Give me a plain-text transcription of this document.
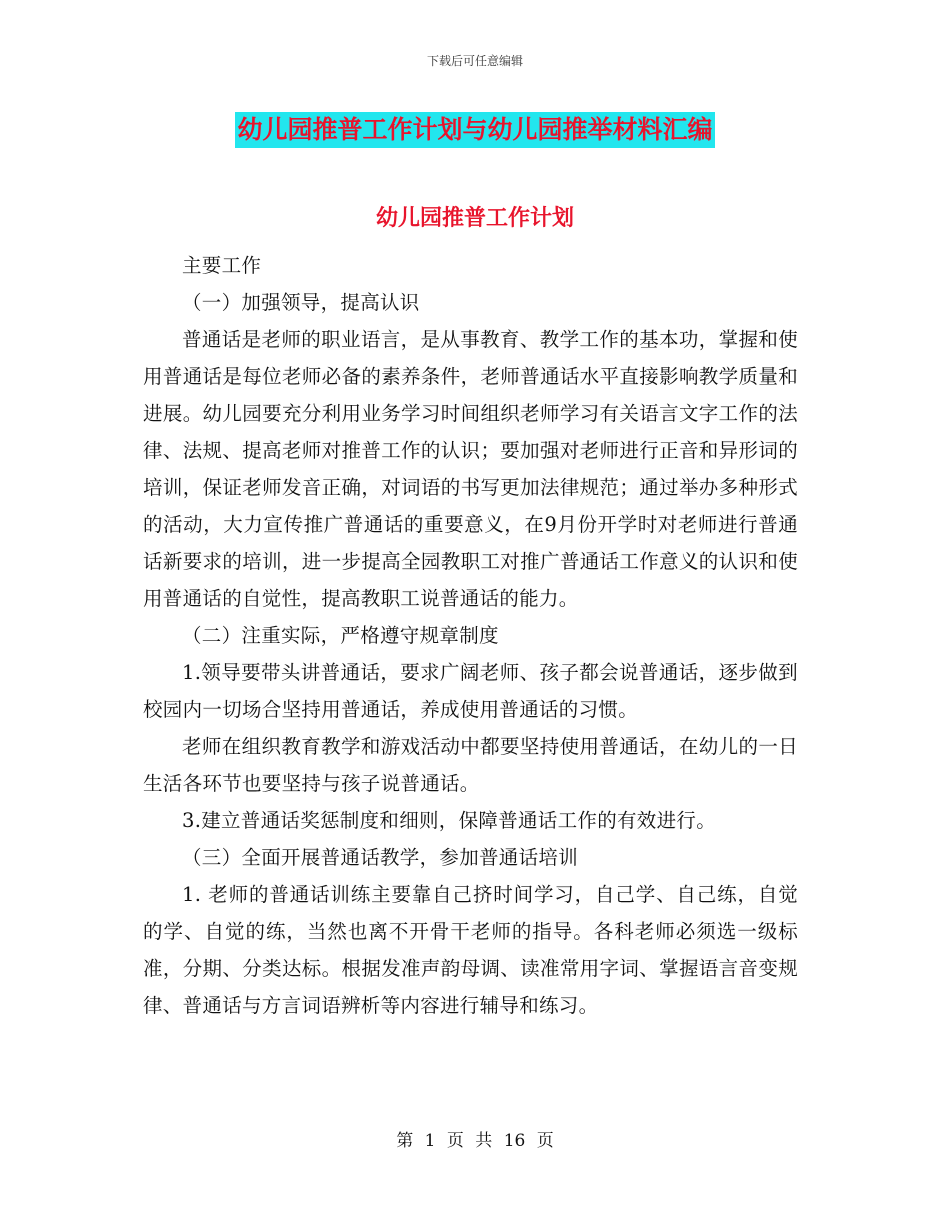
下载后可任意编辑
幼儿园推普工作计划与幼儿园推举材料汇编
幼儿园推普工作计划

主要工作

（一）加强领导，提高认识

普通话是老师的职业语言，是从事教育、教学工作的基本功，掌握和使用普通话是每位老师必备的素养条件，老师普通话水平直接影响教学质量和进展。幼儿园要充分利用业务学习时间组织老师学习有关语言文字工作的法律、法规、提高老师对推普工作的认识；要加强对老师进行正音和异形词的培训，保证老师发音正确，对词语的书写更加法律规范；通过举办多种形式的活动，大力宣传推广普通话的重要意义，在9月份开学时对老师进行普通话新要求的培训，进一步提高全园教职工对推广普通话工作意义的认识和使用普通话的自觉性，提高教职工说普通话的能力。

（二）注重实际，严格遵守规章制度

1.领导要带头讲普通话，要求广阔老师、孩子都会说普通话，逐步做到校园内一切场合坚持用普通话，养成使用普通话的习惯。

老师在组织教育教学和游戏活动中都要坚持使用普通话，在幼儿的一日生活各环节也要坚持与孩子说普通话。

3.建立普通话奖惩制度和细则，保障普通话工作的有效进行。

（三）全面开展普通话教学，参加普通话培训

1. 老师的普通话训练主要靠自己挤时间学习，自己学、自己练，自觉的学、自觉的练，当然也离不开骨干老师的指导。各科老师必须选一级标准，分期、分类达标。根据发准声韵母调、读准常用字词、掌握语言音变规律、普通话与方言词语辨析等内容进行辅导和练习。

第 1 页 共 16 页
